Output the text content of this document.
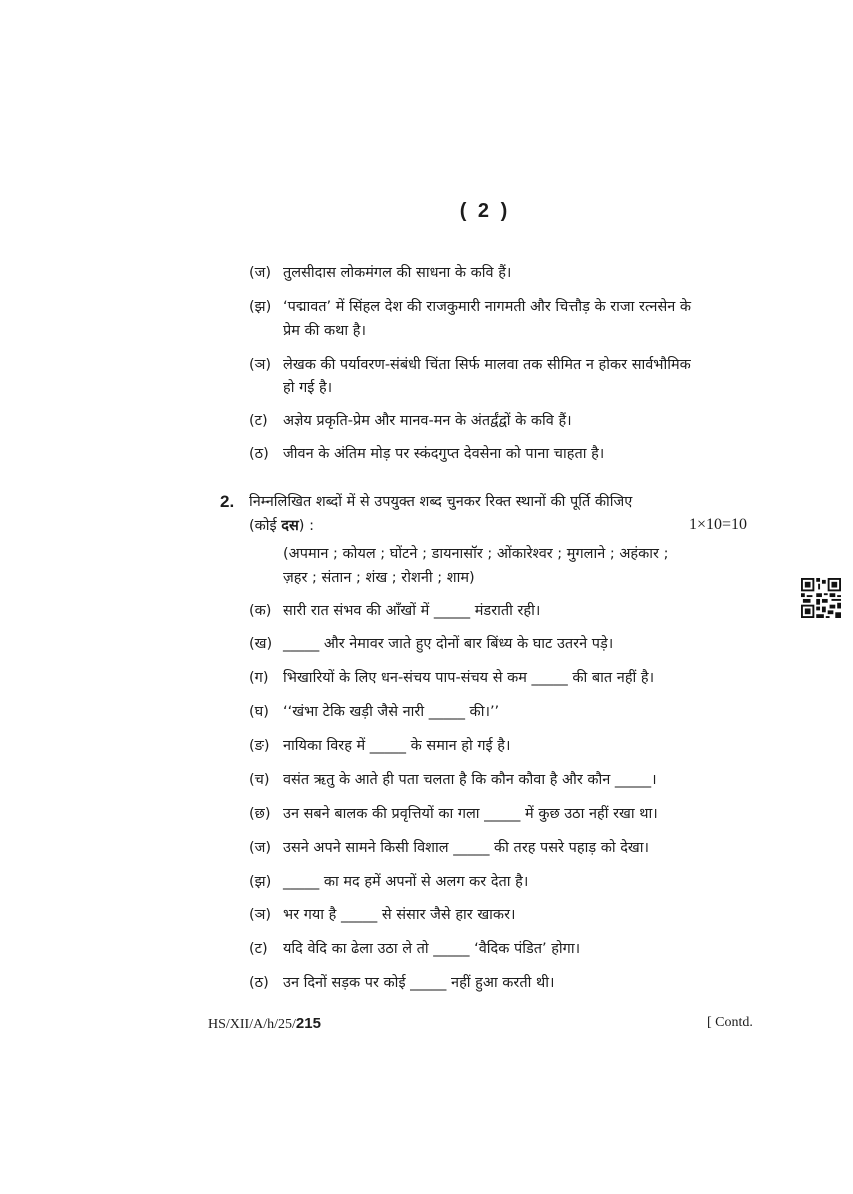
( 2 )
(ज) तुलसीदास लोकमंगल की साधना के कवि हैं।
(झ) ‘पद्मावत’ में सिंहल देश की राजकुमारी नागमती और चित्तौड़ के राजा रत्नसेन के
प्रेम की कथा है।
(ञ) लेखक की पर्यावरण-संबंधी चिंता सिर्फ मालवा तक सीमित न होकर सार्वभौमिक
हो गई है।
(ट) अज्ञेय प्रकृति-प्रेम और मानव-मन के अंतर्द्वंद्वों के कवि हैं।
(ठ) जीवन के अंतिम मोड़ पर स्कंदगुप्त देवसेना को पाना चाहता है।
2. निम्नलिखित शब्दों में से उपयुक्त शब्द चुनकर रिक्त स्थानों की पूर्ति कीजिए
(कोई दस) :	1×10=10
(अपमान ; कोयल ; घोंटने ; डायनासॉर ; ओंकारेश्वर ; मुगलाने ; अहंकार ;
ज़हर ; संतान ; शंख ; रोशनी ; शाम)
(क) सारी रात संभव की आँखों में _____ मंडराती रही।
(ख) _____ और नेमावर जाते हुए दोनों बार बिंध्य के घाट उतरने पड़े।
(ग) भिखारियों के लिए धन-संचय पाप-संचय से कम _____ की बात नहीं है।
(घ) ‘‘खंभा टेकि खड़ी जैसे नारी _____ की।’’
(ङ) नायिका विरह में _____ के समान हो गई है।
(च) वसंत ऋतु के आते ही पता चलता है कि कौन कौवा है और कौन _____।
(छ) उन सबने बालक की प्रवृत्तियों का गला _____ में कुछ उठा नहीं रखा था।
(ज) उसने अपने सामने किसी विशाल _____ की तरह पसरे पहाड़ को देखा।
(झ) _____ का मद हमें अपनों से अलग कर देता है।
(ञ) भर गया है _____ से संसार जैसे हार खाकर।
(ट) यदि वेदि का ढेला उठा ले तो _____ ‘वैदिक पंडित’ होगा।
(ठ) उन दिनों सड़क पर कोई _____ नहीं हुआ करती थी।
HS/XII/A/h/25/215	[ Contd.
